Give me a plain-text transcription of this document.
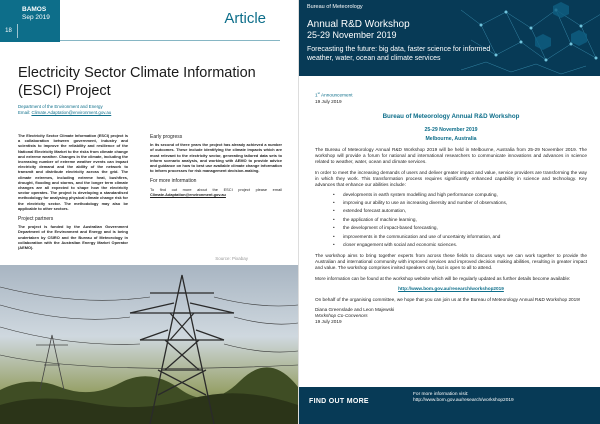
BAMOS
Sep 2019
18
Article
Electricity Sector Climate Information (ESCI) Project
Department of the Environment and Energy
Email: Climate.Adaptation@environment.gov.au

The Electricity Sector Climate Information (ESCI) project is a collaboration between government, industry and scientists to improve the reliability and resilience of the National Electricity Market to the risks from climate change and extreme weather. Changes in the climate, including the increasing number of extreme weather events can impact electricity demand and the ability of the network to transmit and distribute electricity across the grid. The climate extremes, including extreme heat, bushfires, drought, flooding and storms, and the longer term climate changes are all expected to shape how the electricity sector operates. The project is developing a standardised methodology for analysing physical climate change risk for the electricity sector. The methodology may also be applicable to other sectors.

Project partners

The project is funded by the Australian Government Department of the Environment and Energy and is being undertaken by CSIRO and the Bureau of Meteorology in collaboration with the Australian Energy Market Operator (AEMO).

Early progress

In its second of three years the project has already achieved a number of outcomes. These include identifying the climate impacts which are most relevant to the electricity sector, generating tailored data sets to inform scenario analysis, and working with AEMO to provide advice and guidance on how to best use available climate change information to inform processes for risk management decision-making.

For more information

To find out more about the ESCI project please email Climate.Adaptation@environment.gov.au

Source: Pixabay
Bureau of Meteorology
Annual R&D Workshop
25-29 November 2019
Forecasting the future: big data, faster science for informed weather, water, ocean and climate services
1st Announcement
19 July 2019
Bureau of Meteorology Annual R&D Workshop
25-29 November 2019
Melbourne, Australia

The Bureau of Meteorology Annual R&D Workshop 2019 will be held in Melbourne, Australia from 25-29 November 2019. The workshop will provide a forum for national and international researchers to communicate innovations and advances in science related to weather, water, ocean and climate services.

In order to meet the increasing demands of users and deliver greater impact and value, service providers are transforming the way in which they work. This transformation process requires significantly enhanced capability in science and technology. Key advances that enhance our abilities include:

• developments in earth system modelling and high performance computing,
• improving our ability to use an increasing diversity and number of observations,
• extended forecast automation,
• the application of machine learning,
• the development of impact-based forecasting,
• improvements in the communication and use of uncertainty information, and
• closer engagement with social and economic sciences.

The workshop aims to bring together experts from across these fields to discuss ways we can work together to provide the Australian and international community with improved services and improved decision making abilities, resulting in greater impact and value. The workshop comprises invited speakers only, but is open to all to attend.

More information can be found at the workshop website which will be regularly updated as further details become available:

http://www.bom.gov.au/research/workshop2019

On behalf of the organising committee, we hope that you can join us at the Bureau of Meteorology Annual R&D Workshop 2019!

Diana Greenslade and Leon Majewski
Workshop Co-Convenors
19 July 2019
FIND OUT MORE
For more information visit:
http://www.bom.gov.au/research/workshop2019
